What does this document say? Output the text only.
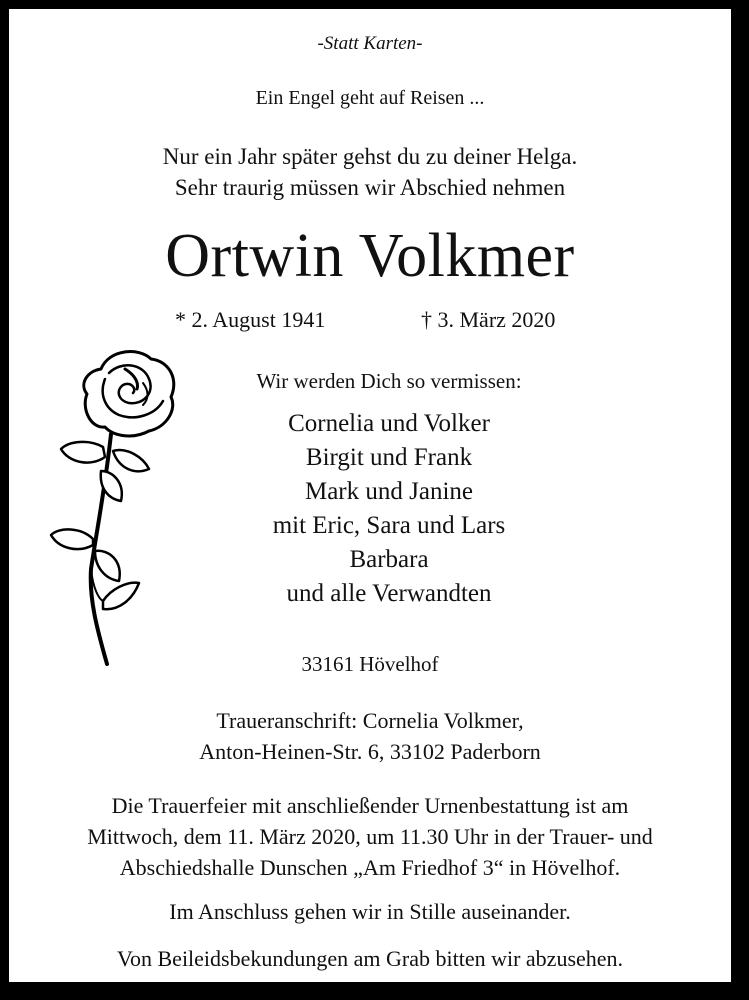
-Statt Karten-
Ein Engel geht auf Reisen ...
Nur ein Jahr später gehst du zu deiner Helga.
Sehr traurig müssen wir Abschied nehmen
Ortwin Volkmer
* 2. August 1941	† 3. März 2020
Wir werden Dich so vermissen:
Cornelia und Volker
Birgit und Frank
Mark und Janine
mit Eric, Sara und Lars
Barbara
und alle Verwandten
33161 Hövelhof
Traueranschrift: Cornelia Volkmer,
Anton-Heinen-Str. 6, 33102 Paderborn
Die Trauerfeier mit anschließender Urnenbestattung ist am
Mittwoch, dem 11. März 2020, um 11.30 Uhr in der Trauer- und
Abschiedshalle Dunschen „Am Friedhof 3“ in Hövelhof.
Im Anschluss gehen wir in Stille auseinander.
Von Beileidsbekundungen am Grab bitten wir abzusehen.
